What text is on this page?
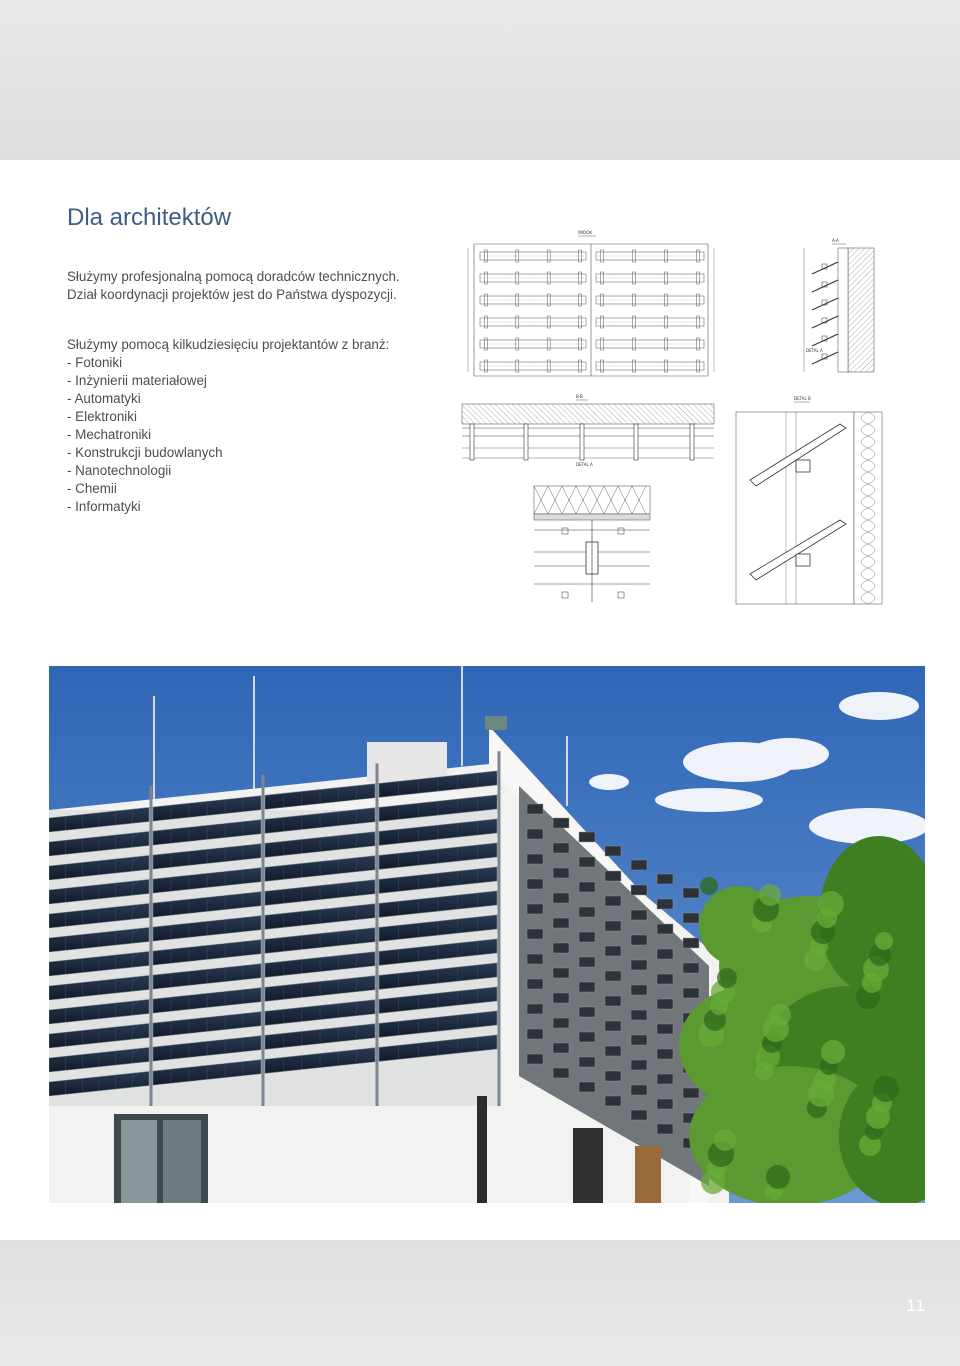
Dla architektów

Służymy profesjonalną pomocą doradców technicznych.

Dział koordynacji projektów jest do Państwa dyspozycji.

Służymy pomocą kilkudziesięciu projektantów z branż:

- Fotoniki
- Inżynierii materiałowej
- Automatyki
- Elektroniki
- Mechatroniki
- Konstrukcji budowlanych
- Nanotechnologii
- Chemii
- Informatyki
WIDOK
A-A
DETAL A
B-B
DETAL A
DETAL B
11
